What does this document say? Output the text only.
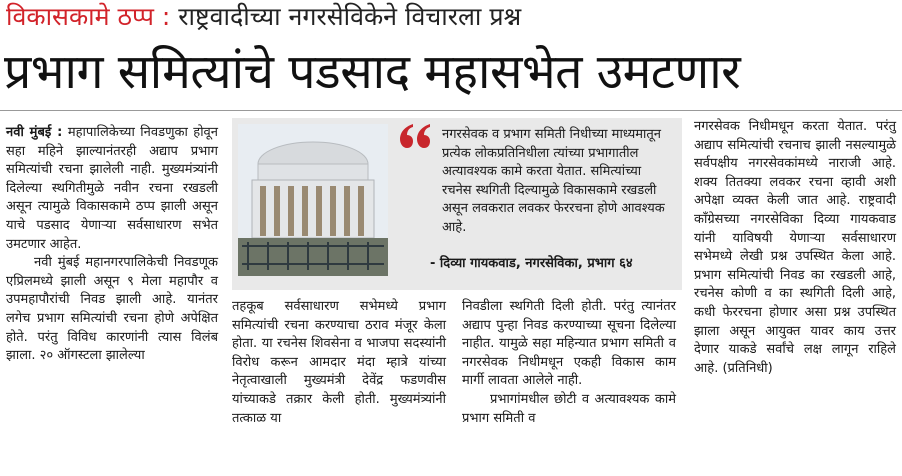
विकासकामे ठप्प : राष्ट्रवादीच्या नगरसेविकेने विचारला प्रश्न
प्रभाग समित्यांचे पडसाद महासभेत उमटणार

नवी मुंबई : महापालिकेच्या निवडणुका होवून सहा महिने झाल्यानंतरही अद्याप प्रभाग समित्यांची रचना झालेली नाही. मुख्यमंत्र्यांनी दिलेल्या स्थगितीमुळे नवीन रचना रखडली असून त्यामुळे विकासकामे ठप्प झाली असून याचे पडसाद येणाऱ्या सर्वसाधारण सभेत उमटणार आहेत.

नवी मुंबई महानगरपालिकेची निवडणूक एप्रिलमध्ये झाली असून ९ मेला महापौर व उपमहापौरांची निवड झाली आहे. यानंतर लगेच प्रभाग समित्यांची रचना होणे अपेक्षित होते. परंतु विविध कारणांनी त्यास विलंब झाला. २० ऑगस्टला झालेल्या

तहकूब सर्वसाधारण सभेमध्ये प्रभाग समित्यांची रचना करण्याचा ठराव मंजूर केला होता. या रचनेस शिवसेना व भाजपा सदस्यांनी विरोध करून आमदार मंदा म्हात्रे यांच्या नेतृत्वाखाली मुख्यमंत्री देवेंद्र फडणवीस यांच्याकडे तक्रार केली होती. मुख्यमंत्र्यांनी तत्काळ या

निवडीला स्थगिती दिली होती. परंतु त्यानंतर अद्याप पुन्हा निवड करण्याच्या सूचना दिलेल्या नाहीत. यामुळे सहा महिन्यात प्रभाग समिती व नगरसेवक निधीमधून एकही विकास काम मार्गी लावता आलेले नाही.

प्रभागांमधील छोटी व अत्यावश्यक कामे प्रभाग समिती व

नगरसेवक निधीमधून करता येतात. परंतु अद्याप समित्यांची रचनाच झाली नसल्यामुळे सर्वपक्षीय नगरसेवकांमध्ये नाराजी आहे. शक्य तितक्या लवकर रचना व्हावी अशी अपेक्षा व्यक्त केली जात आहे. राष्ट्रवादी काँग्रेसच्या नगरसेविका दिव्या गायकवाड यांनी याविषयी येणाऱ्या सर्वसाधारण सभेमध्ये लेखी प्रश्न उपस्थित केला आहे. प्रभाग समित्यांची निवड का रखडली आहे, रचनेस कोणी व का स्थगिती दिली आहे, कधी फेररचना होणार असा प्रश्न उपस्थित झाला असून आयुक्त यावर काय उत्तर देणार याकडे सर्वांचे लक्ष लागून राहिले आहे. (प्रतिनिधी)

नगरसेवक व प्रभाग समिती निधीच्या माध्यमातून प्रत्येक लोकप्रतिनिधीला त्यांच्या प्रभागातील अत्यावश्यक कामे करता येतात. समित्यांच्या रचनेस स्थगिती दिल्यामुळे विकासकामे रखडली असून लवकरात लवकर फेररचना होणे आवश्यक आहे.
- दिव्या गायकवाड, नगरसेविका, प्रभाग ६४
